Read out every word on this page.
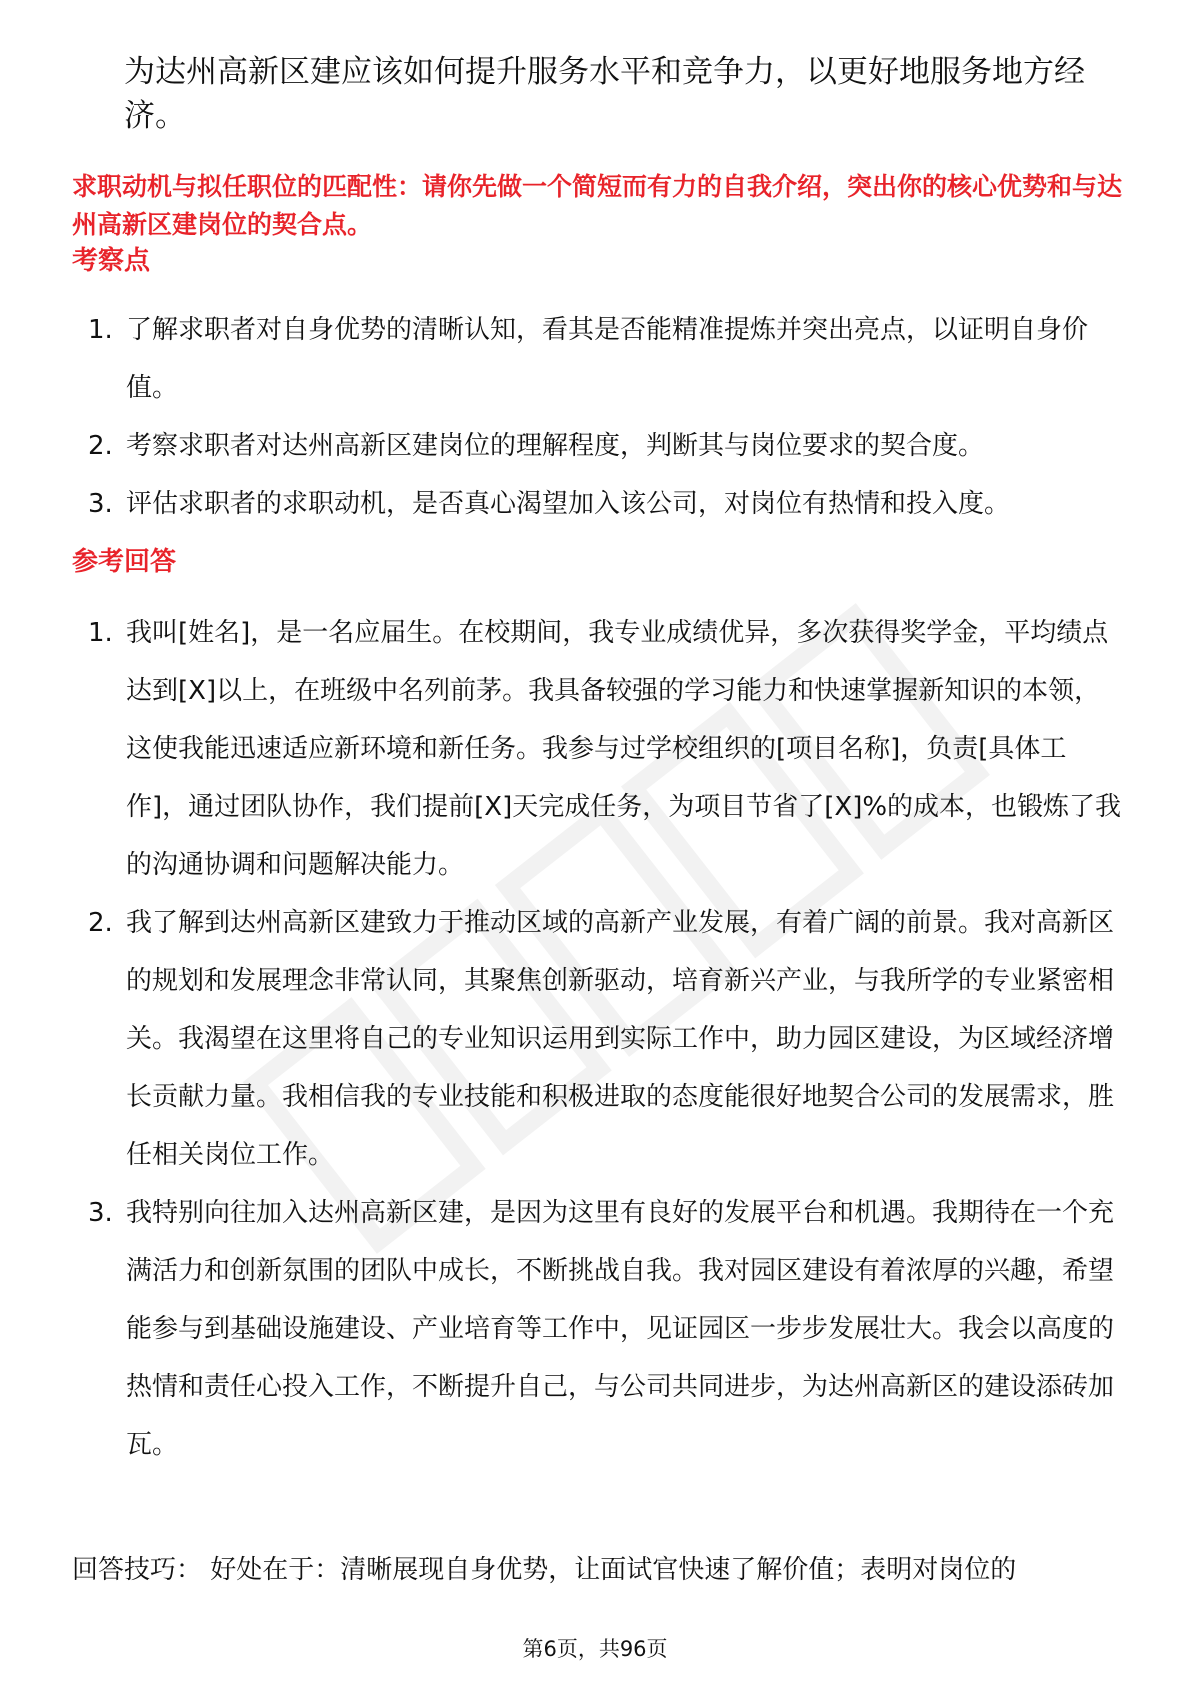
为达州高新区建应该如何提升服务水平和竞争力，以更好地服务地方经济。

求职动机与拟任职位的匹配性：请你先做一个简短而有力的自我介绍，突出你的核心优势和与达州高新区建岗位的契合点。

考察点
1. 了解求职者对自身优势的清晰认知，看其是否能精准提炼并突出亮点，以证明自身价值。
2. 考察求职者对达州高新区建岗位的理解程度，判断其与岗位要求的契合度。
3. 评估求职者的求职动机，是否真心渴望加入该公司，对岗位有热情和投入度。
参考回答
1. 我叫[姓名]，是一名应届生。在校期间，我专业成绩优异，多次获得奖学金，平均绩点达到[X]以上，在班级中名列前茅。我具备较强的学习能力和快速掌握新知识的本领，这使我能迅速适应新环境和新任务。我参与过学校组织的[项目名称]，负责[具体工作]，通过团队协作，我们提前[X]天完成任务，为项目节省了[X]%的成本，也锻炼了我的沟通协调和问题解决能力。
2. 我了解到达州高新区建致力于推动区域的高新产业发展，有着广阔的前景。我对高新区的规划和发展理念非常认同，其聚焦创新驱动，培育新兴产业，与我所学的专业紧密相关。我渴望在这里将自己的专业知识运用到实际工作中，助力园区建设，为区域经济增长贡献力量。我相信我的专业技能和积极进取的态度能很好地契合公司的发展需求，胜任相关岗位工作。
3. 我特别向往加入达州高新区建，是因为这里有良好的发展平台和机遇。我期待在一个充满活力和创新氛围的团队中成长，不断挑战自我。我对园区建设有着浓厚的兴趣，希望能参与到基础设施建设、产业培育等工作中，见证园区一步步发展壮大。我会以高度的热情和责任心投入工作，不断提升自己，与公司共同进步，为达州高新区的建设添砖加瓦。

回答技巧： 好处在于：清晰展现自身优势，让面试官快速了解价值；表明对岗位的

第6页，共96页
